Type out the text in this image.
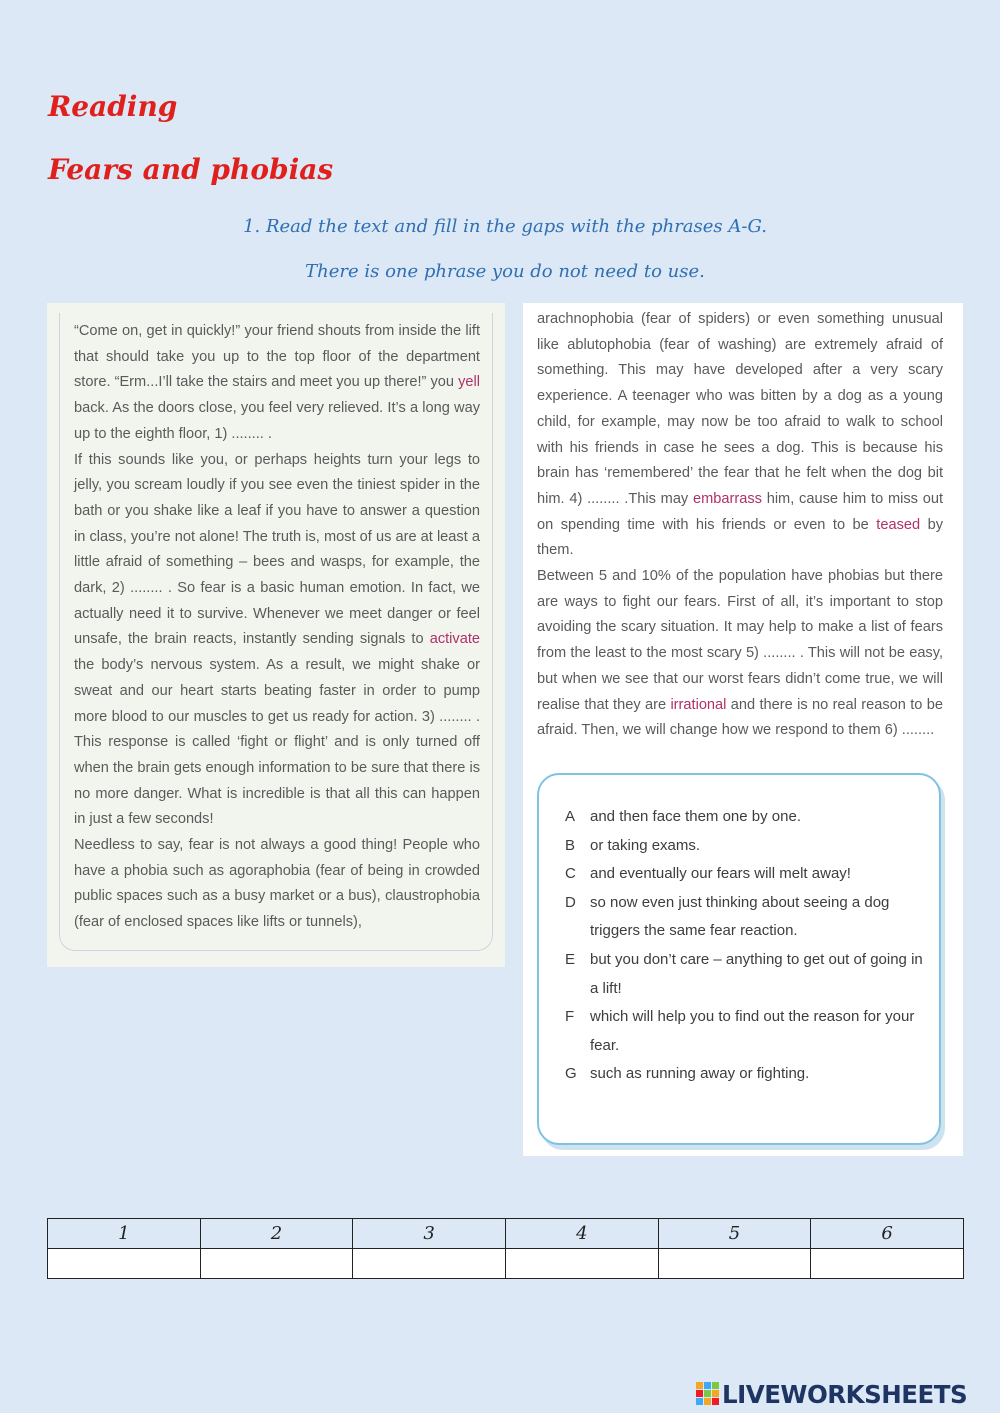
Reading
Fears and phobias

1. Read the text and fill in the gaps with the phrases A-G.

There is one phrase you do not need to use.

“Come on, get in quickly!” your friend shouts from inside the lift that should take you up to the top floor of the department store. “Erm...I’ll take the stairs and meet you up there!” you yell back. As the doors close, you feel very relieved. It’s a long way up to the eighth floor, 1) ........ .

If this sounds like you, or perhaps heights turn your legs to jelly, you scream loudly if you see even the tiniest spider in the bath or you shake like a leaf if you have to answer a question in class, you’re not alone! The truth is, most of us are at least a little afraid of something – bees and wasps, for example, the dark, 2) ........ . So fear is a basic human emotion. In fact, we actually need it to survive. Whenever we meet danger or feel unsafe, the brain reacts, instantly sending signals to activate the body’s nervous system. As a result, we might shake or sweat and our heart starts beating faster in order to pump more blood to our muscles to get us ready for action. 3) ........ . This response is called ‘fight or flight’ and is only turned off when the brain gets enough information to be sure that there is no more danger. What is incredible is that all this can happen in just a few seconds!

Needless to say, fear is not always a good thing! People who have a phobia such as agoraphobia (fear of being in crowded public spaces such as a busy market or a bus), claustrophobia (fear of enclosed spaces like lifts or tunnels),

arachnophobia (fear of spiders) or even something unusual like ablutophobia (fear of washing) are extremely afraid of something. This may have developed after a very scary experience. A teenager who was bitten by a dog as a young child, for example, may now be too afraid to walk to school with his friends in case he sees a dog. This is because his brain has ‘remembered’ the fear that he felt when the dog bit him. 4) ........ .This may embarrass him, cause him to miss out on spending time with his friends or even to be teased by them.

Between 5 and 10% of the population have phobias but there are ways to fight our fears. First of all, it’s important to stop avoiding the scary situation. It may help to make a list of fears from the least to the most scary 5) ........ . This will not be easy, but when we see that our worst fears didn’t come true, we will realise that they are irrational and there is no real reason to be afraid. Then, we will change how we respond to them 6) ........

A and then face them one by one.
B or taking exams.
C and eventually our fears will melt away!
D so now even just thinking about seeing a dog triggers the same fear reaction.
E but you don’t care – anything to get out of going in a lift!
F	which will help you to find out the reason for your fear.
G such as running away or fighting.
1	2	3	4	5	6

LIVEWORKSHEETS
